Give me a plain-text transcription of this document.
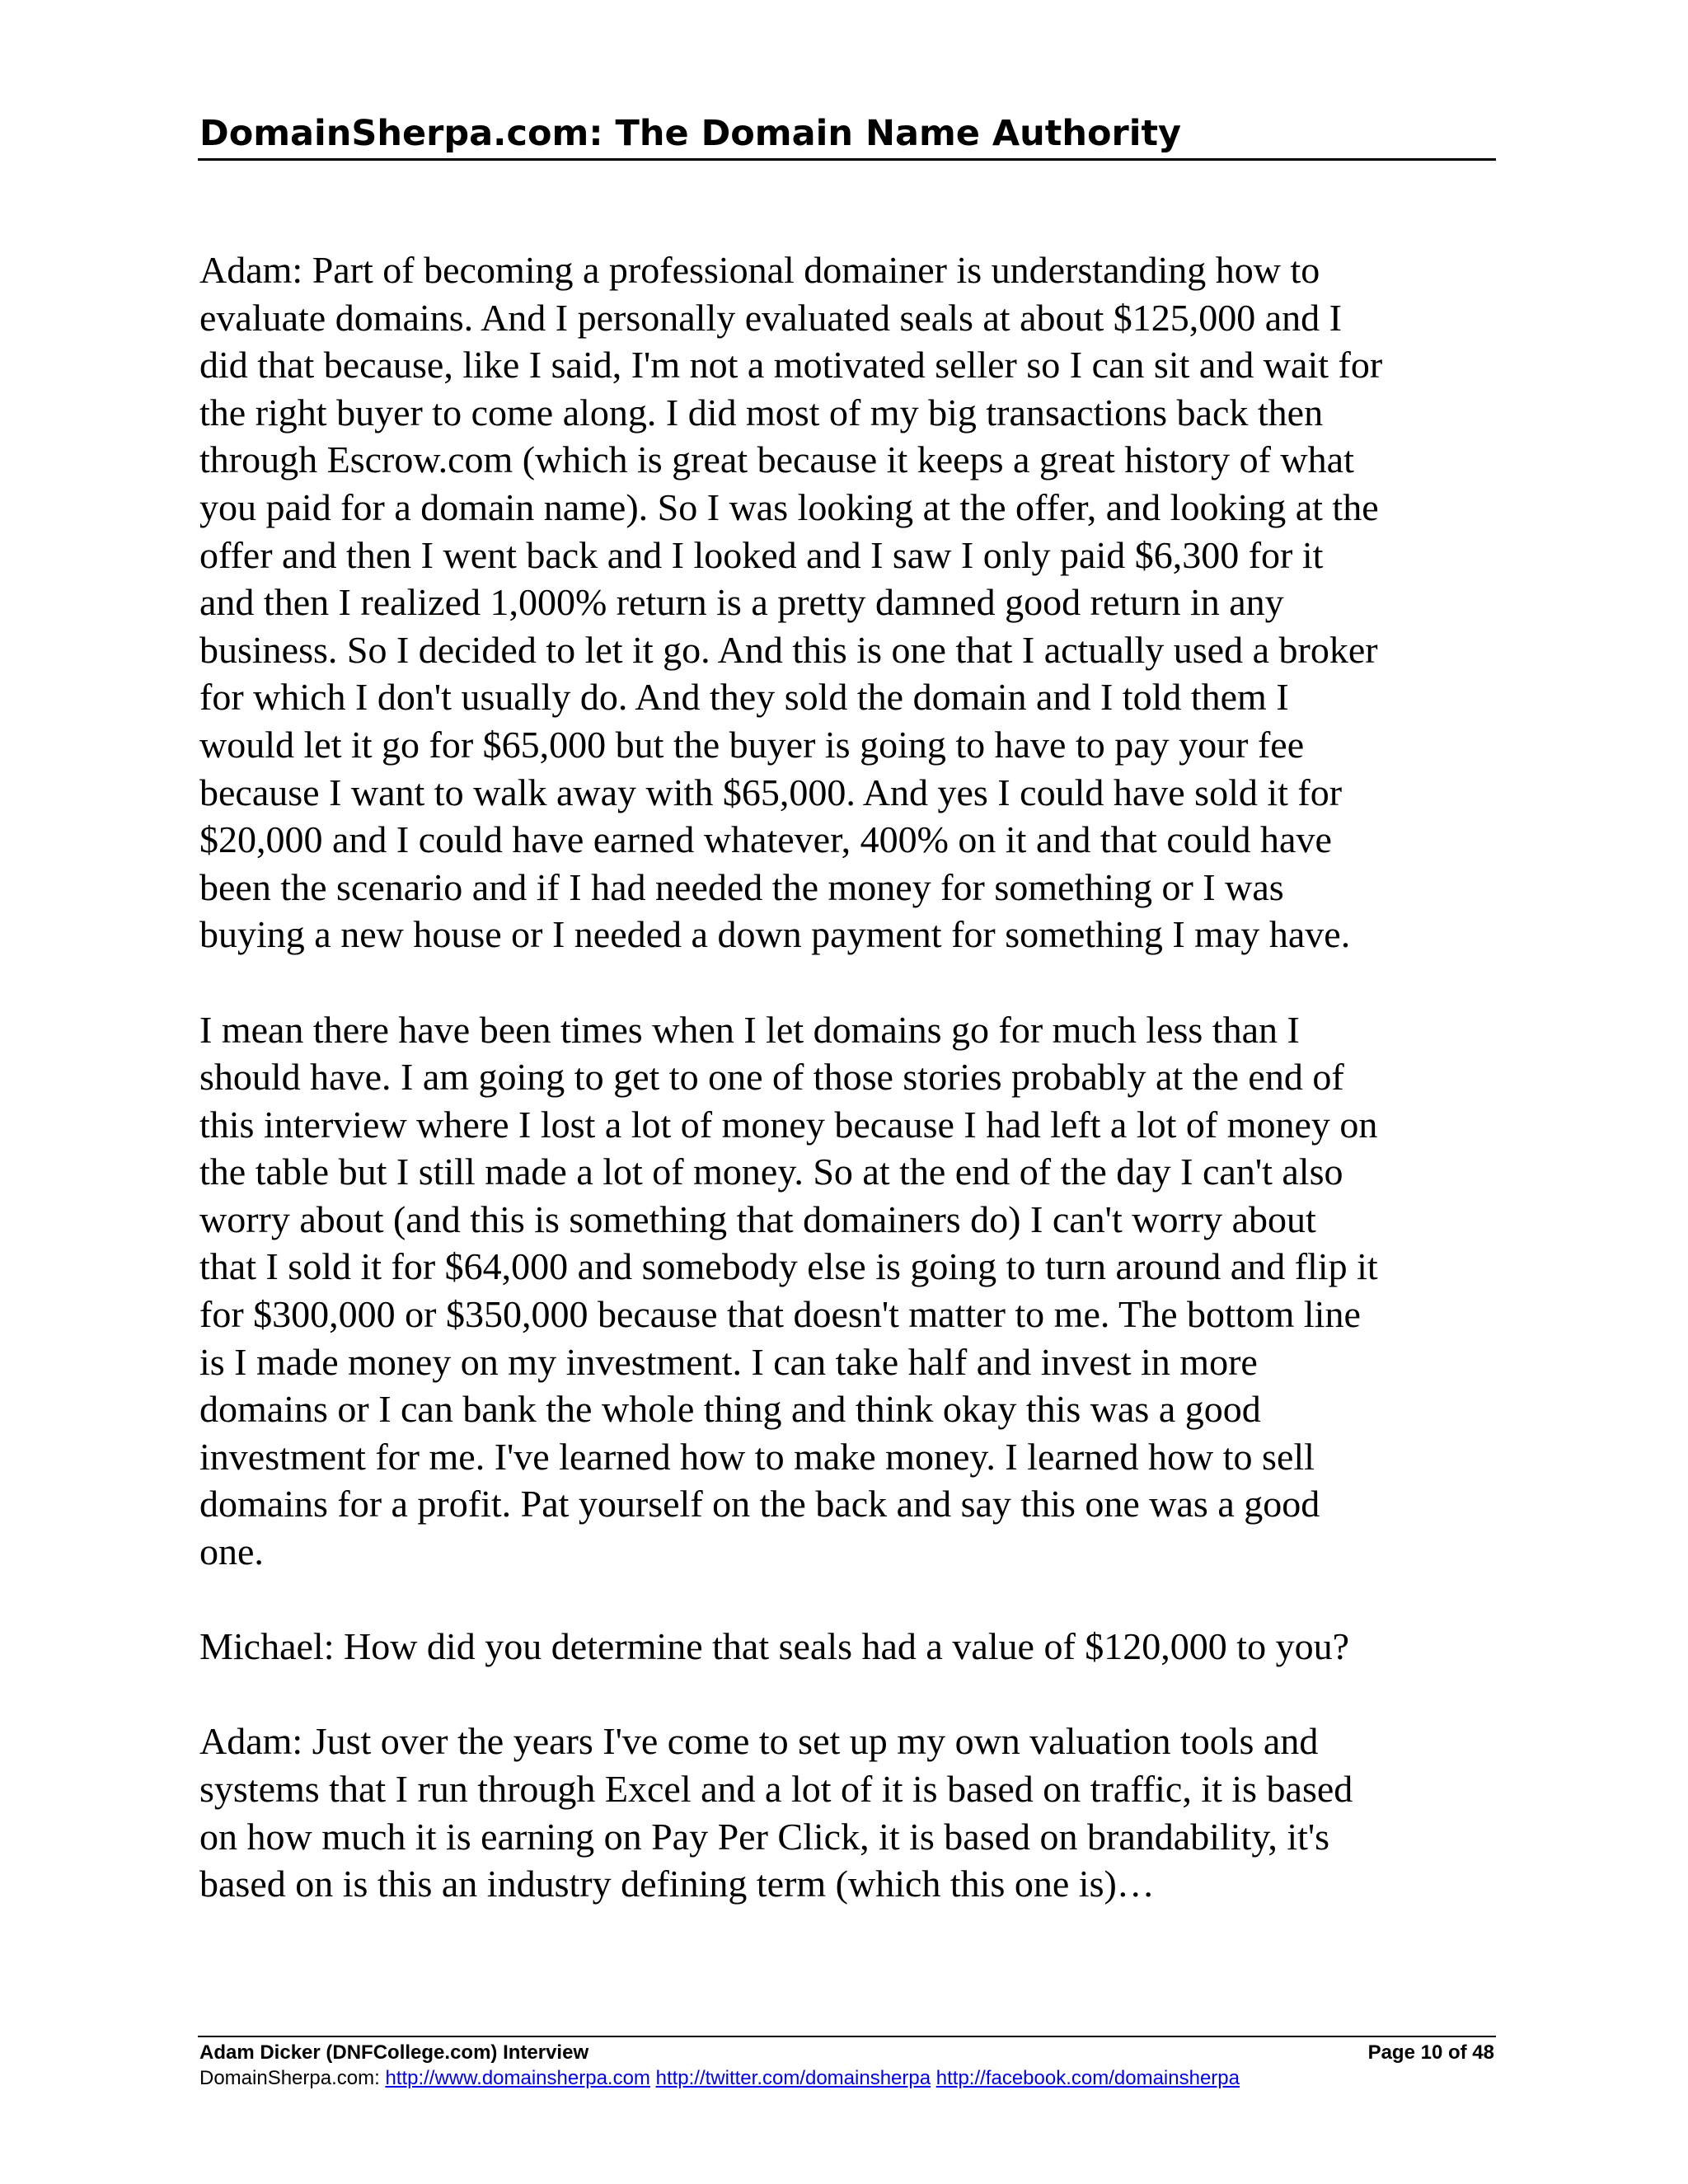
DomainSherpa.com: The Domain Name Authority

Adam: Part of becoming a professional domainer is understanding how to
evaluate domains. And I personally evaluated seals at about $125,000 and I
did that because, like I said, I'm not a motivated seller so I can sit and wait for
the right buyer to come along. I did most of my big transactions back then
through Escrow.com (which is great because it keeps a great history of what
you paid for a domain name). So I was looking at the offer, and looking at the
offer and then I went back and I looked and I saw I only paid $6,300 for it
and then I realized 1,000% return is a pretty damned good return in any
business. So I decided to let it go. And this is one that I actually used a broker
for which I don't usually do. And they sold the domain and I told them I
would let it go for $65,000 but the buyer is going to have to pay your fee
because I want to walk away with $65,000. And yes I could have sold it for
$20,000 and I could have earned whatever, 400% on it and that could have
been the scenario and if I had needed the money for something or I was
buying a new house or I needed a down payment for something I may have.

I mean there have been times when I let domains go for much less than I
should have. I am going to get to one of those stories probably at the end of
this interview where I lost a lot of money because I had left a lot of money on
the table but I still made a lot of money. So at the end of the day I can't also
worry about (and this is something that domainers do) I can't worry about
that I sold it for $64,000 and somebody else is going to turn around and flip it
for $300,000 or $350,000 because that doesn't matter to me. The bottom line
is I made money on my investment. I can take half and invest in more
domains or I can bank the whole thing and think okay this was a good
investment for me. I've learned how to make money. I learned how to sell
domains for a profit. Pat yourself on the back and say this one was a good
one.

Michael: How did you determine that seals had a value of $120,000 to you?

Adam: Just over the years I've come to set up my own valuation tools and
systems that I run through Excel and a lot of it is based on traffic, it is based
on how much it is earning on Pay Per Click, it is based on brandability, it's
based on is this an industry defining term (which this one is)…

Adam Dicker (DNFCollege.com) Interview	Page 10 of 48
DomainSherpa.com: http://www.domainsherpa.com http://twitter.com/domainsherpa http://facebook.com/domainsherpa
